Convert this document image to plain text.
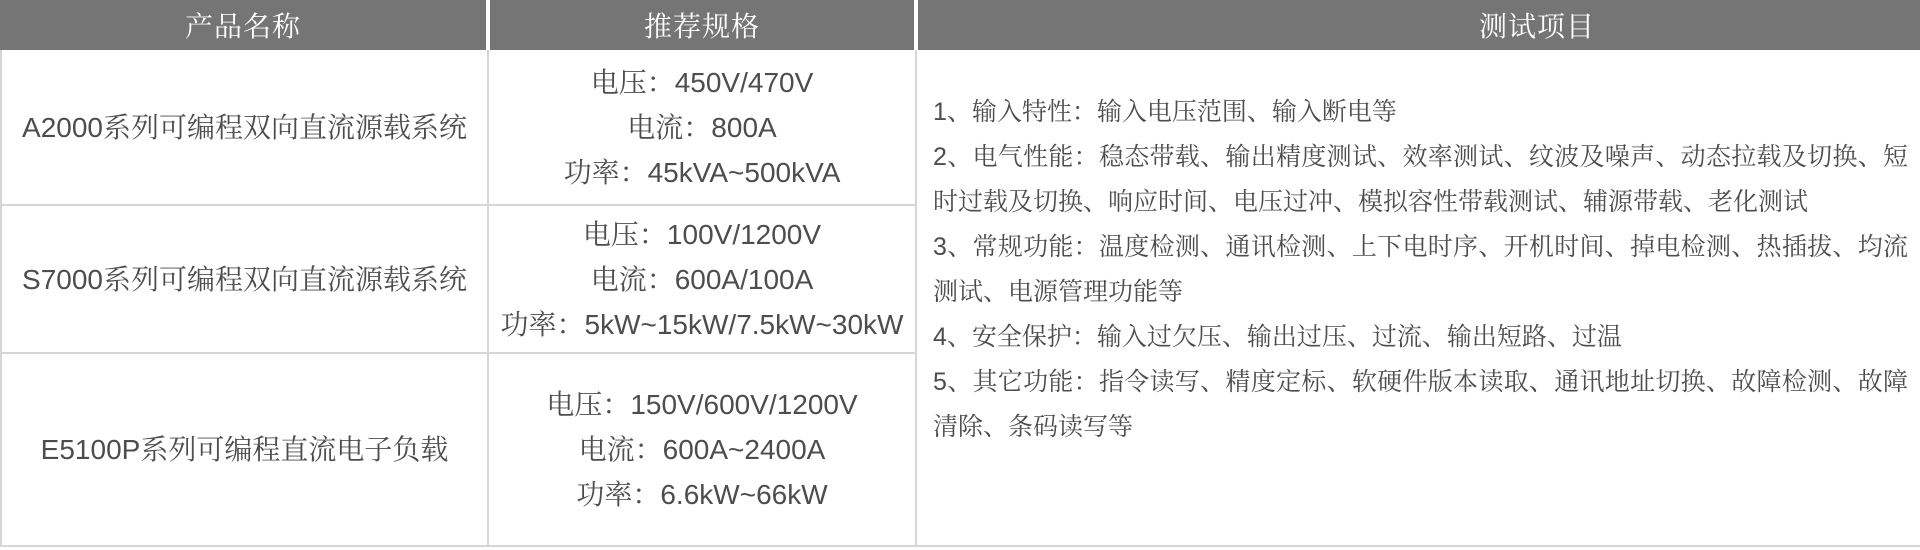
产品名称	推荐规格	测试项目
A2000系列可编程双向直流源载系统
电压：450V/470V
电流：800A
功率：45kVA~500kVA
S7000系列可编程双向直流源载系统
电压：100V/1200V
电流：600A/100A
功率：5kW~15kW/7.5kW~30kW
E5100P系列可编程直流电子负载
电压：150V/600V/1200V
电流：600A~2400A
功率：6.6kW~66kW
1、输入特性：输入电压范围、输入断电等
2、电气性能：稳态带载、输出精度测试、效率测试、纹波及噪声、动态拉载及切换、短时过载及切换、响应时间、电压过冲、模拟容性带载测试、辅源带载、老化测试
3、常规功能：温度检测、通讯检测、上下电时序、开机时间、掉电检测、热插拔、均流测试、电源管理功能等
4、安全保护：输入过欠压、输出过压、过流、输出短路、过温
5、其它功能：指令读写、精度定标、软硬件版本读取、通讯地址切换、故障检测、故障清除、条码读写等
